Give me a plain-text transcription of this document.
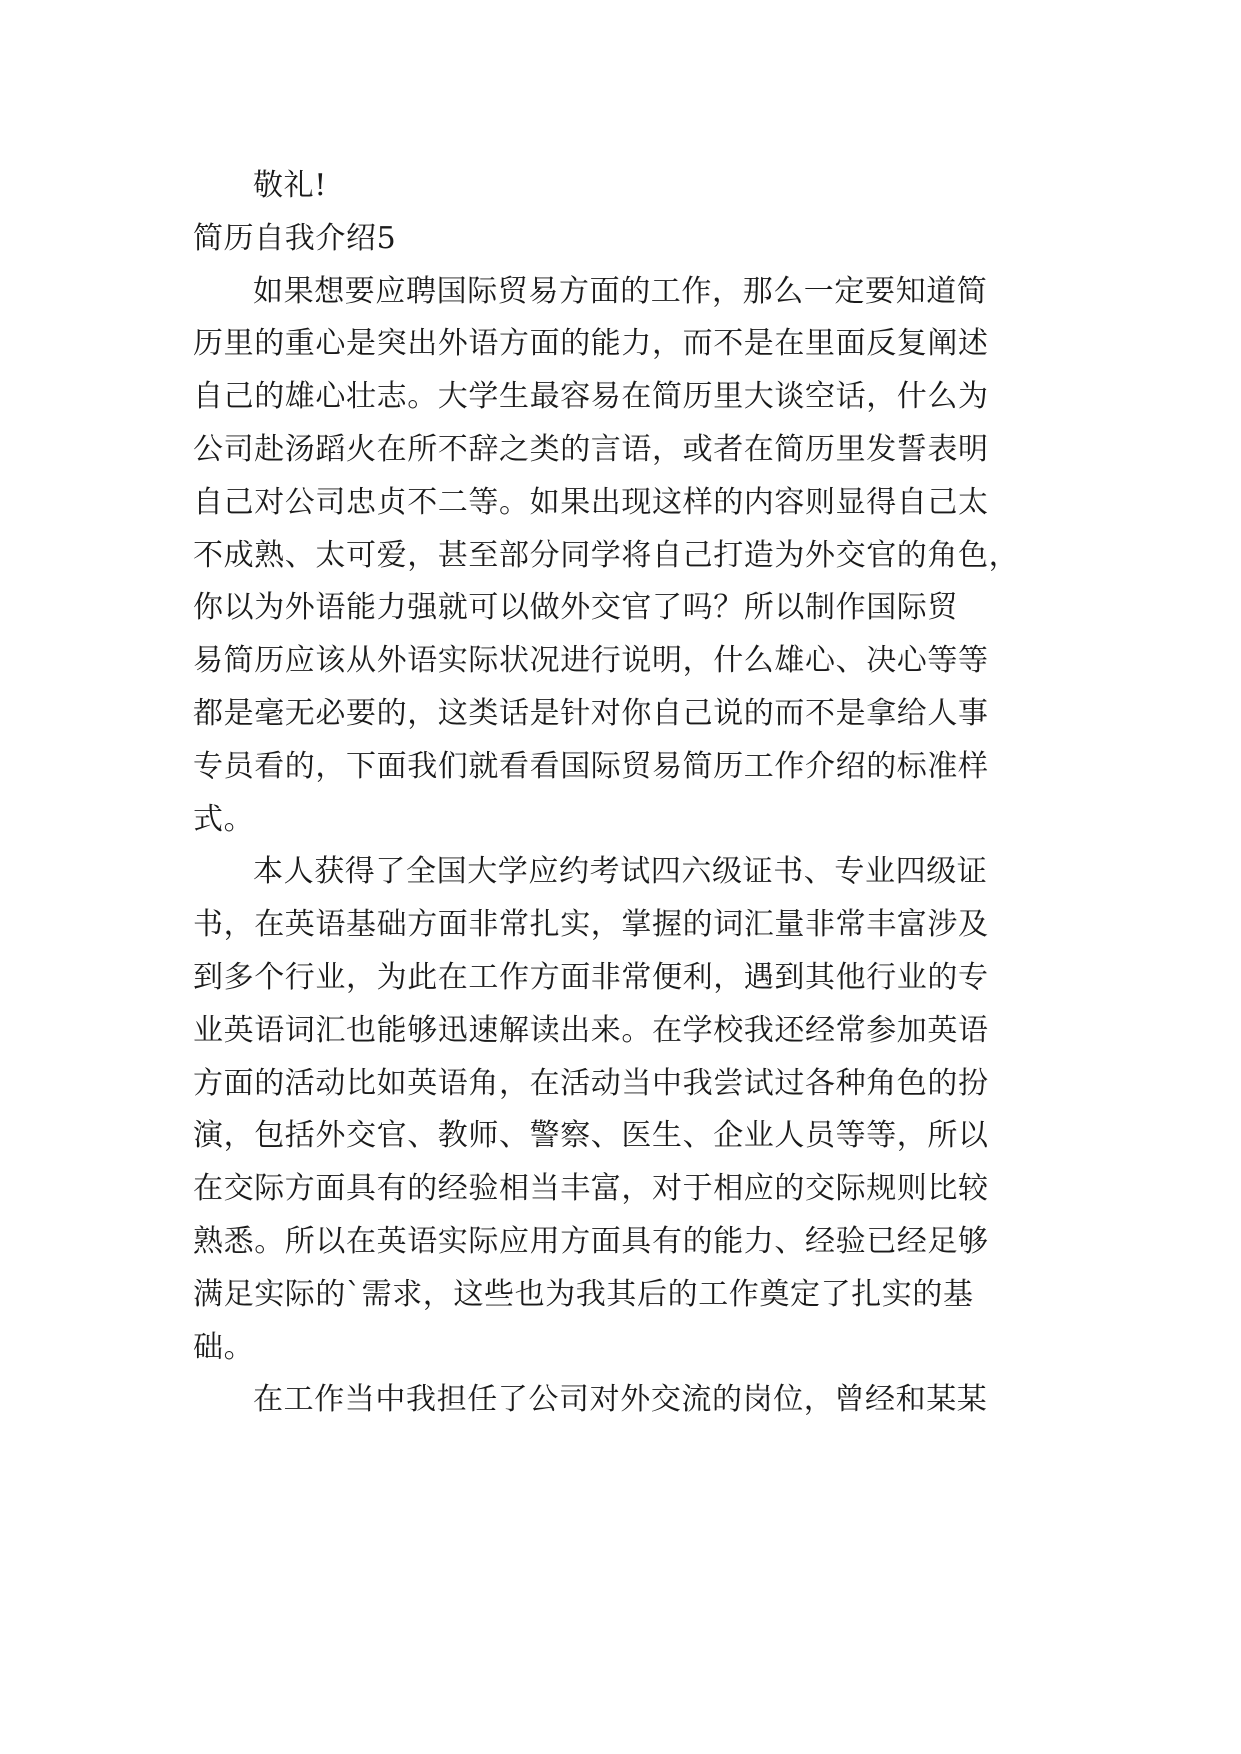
敬礼!
简历自我介绍5
如果想要应聘国际贸易方面的工作，那么一定要知道简
历里的重心是突出外语方面的能力，而不是在里面反复阐述
自己的雄心壮志。大学生最容易在简历里大谈空话，什么为
公司赴汤蹈火在所不辞之类的言语，或者在简历里发誓表明
自己对公司忠贞不二等。如果出现这样的内容则显得自己太
不成熟、太可爱，甚至部分同学将自己打造为外交官的角色，
你以为外语能力强就可以做外交官了吗？所以制作国际贸
易简历应该从外语实际状况进行说明，什么雄心、决心等等
都是毫无必要的，这类话是针对你自己说的而不是拿给人事
专员看的，下面我们就看看国际贸易简历工作介绍的标准样
式。
本人获得了全国大学应约考试四六级证书、专业四级证
书，在英语基础方面非常扎实，掌握的词汇量非常丰富涉及
到多个行业，为此在工作方面非常便利，遇到其他行业的专
业英语词汇也能够迅速解读出来。在学校我还经常参加英语
方面的活动比如英语角，在活动当中我尝试过各种角色的扮
演，包括外交官、教师、警察、医生、企业人员等等，所以
在交际方面具有的经验相当丰富，对于相应的交际规则比较
熟悉。所以在英语实际应用方面具有的能力、经验已经足够
满足实际的`需求，这些也为我其后的工作奠定了扎实的基
础。
在工作当中我担任了公司对外交流的岗位，曾经和某某
